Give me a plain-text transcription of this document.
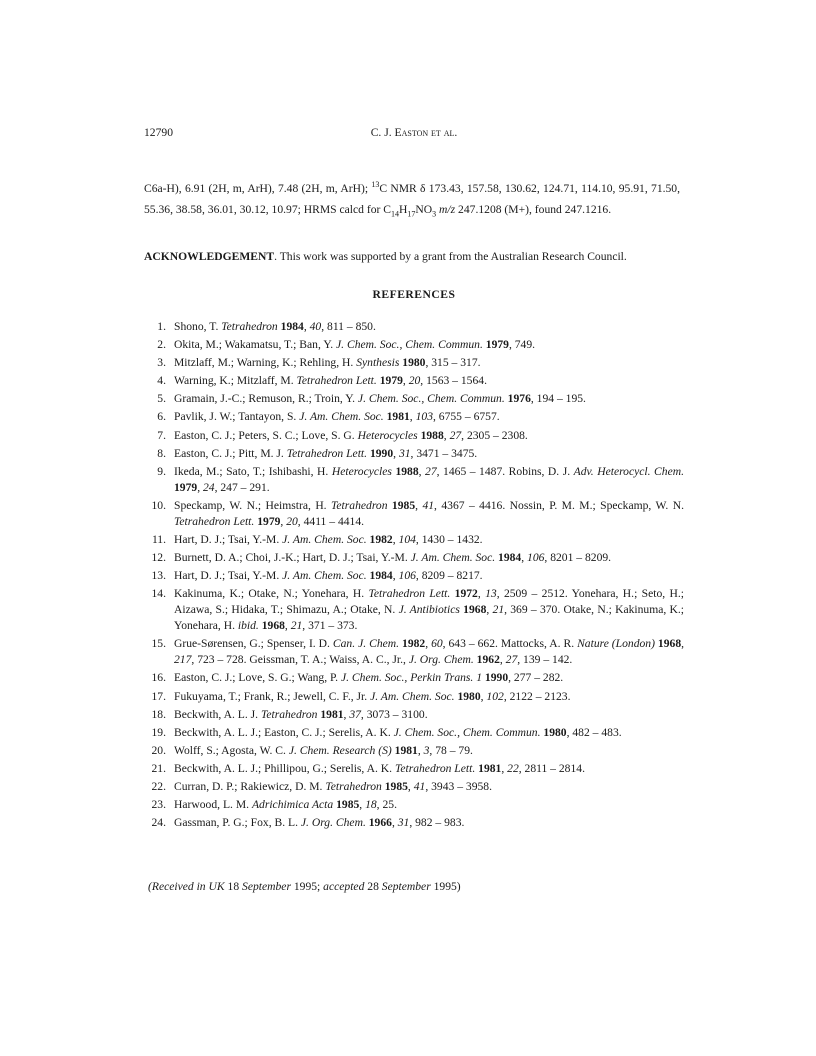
12790	C. J. Easton et al.

C6a-H), 6.91 (2H, m, ArH), 7.48 (2H, m, ArH); $^{13}$C NMR δ 173.43, 157.58, 130.62, 124.71, 114.10, 95.91, 71.50, 55.36, 38.58, 36.01, 30.12, 10.97; HRMS calcd for $C_{14}H_{17}NO_3$ m/z 247.1208 (M+), found 247.1216.

ACKNOWLEDGEMENT. This work was supported by a grant from the Australian Research Council.
REFERENCES
1. Shono, T. Tetrahedron 1984, 40, 811 – 850.
2. Okita, M.; Wakamatsu, T.; Ban, Y. J. Chem. Soc., Chem. Commun. 1979, 749.
3. Mitzlaff, M.; Warning, K.; Rehling, H. Synthesis 1980, 315 – 317.
4. Warning, K.; Mitzlaff, M. Tetrahedron Lett. 1979, 20, 1563 – 1564.
5. Gramain, J.-C.; Remuson, R.; Troin, Y. J. Chem. Soc., Chem. Commun. 1976, 194 – 195.
6. Pavlik, J. W.; Tantayon, S. J. Am. Chem. Soc. 1981, 103, 6755 – 6757.
7. Easton, C. J.; Peters, S. C.; Love, S. G. Heterocycles 1988, 27, 2305 – 2308.
8. Easton, C. J.; Pitt, M. J. Tetrahedron Lett. 1990, 31, 3471 – 3475.
9. Ikeda, M.; Sato, T.; Ishibashi, H. Heterocycles 1988, 27, 1465 – 1487. Robins, D. J. Adv. Heterocycl. Chem. 1979, 24, 247 – 291.
10. Speckamp, W. N.; Heimstra, H. Tetrahedron 1985, 41, 4367 – 4416. Nossin, P. M. M.; Speckamp, W. N. Tetrahedron Lett. 1979, 20, 4411 – 4414.
11. Hart, D. J.; Tsai, Y.-M. J. Am. Chem. Soc. 1982, 104, 1430 – 1432.
12. Burnett, D. A.; Choi, J.-K.; Hart, D. J.; Tsai, Y.-M. J. Am. Chem. Soc. 1984, 106, 8201 – 8209.
13. Hart, D. J.; Tsai, Y.-M. J. Am. Chem. Soc. 1984, 106, 8209 – 8217.
14. Kakinuma, K.; Otake, N.; Yonehara, H. Tetrahedron Lett. 1972, 13, 2509 – 2512. Yonehara, H.; Seto, H.; Aizawa, S.; Hidaka, T.; Shimazu, A.; Otake, N. J. Antibiotics 1968, 21, 369 – 370. Otake, N.; Kakinuma, K.; Yonehara, H. ibid. 1968, 21, 371 – 373.
15. Grue-Sørensen, G.; Spenser, I. D. Can. J. Chem. 1982, 60, 643 – 662. Mattocks, A. R. Nature (London) 1968, 217, 723 – 728. Geissman, T. A.; Waiss, A. C., Jr., J. Org. Chem. 1962, 27, 139 – 142.
16. Easton, C. J.; Love, S. G.; Wang, P. J. Chem. Soc., Perkin Trans. 1 1990, 277 – 282.
17. Fukuyama, T.; Frank, R.; Jewell, C. F., Jr. J. Am. Chem. Soc. 1980, 102, 2122 – 2123.
18. Beckwith, A. L. J. Tetrahedron 1981, 37, 3073 – 3100.
19. Beckwith, A. L. J.; Easton, C. J.; Serelis, A. K. J. Chem. Soc., Chem. Commun. 1980, 482 – 483.
20. Wolff, S.; Agosta, W. C. J. Chem. Research (S) 1981, 3, 78 – 79.
21. Beckwith, A. L. J.; Phillipou, G.; Serelis, A. K. Tetrahedron Lett. 1981, 22, 2811 – 2814.
22. Curran, D. P.; Rakiewicz, D. M. Tetrahedron 1985, 41, 3943 – 3958.
23. Harwood, L. M. Adrichimica Acta 1985, 18, 25.
24. Gassman, P. G.; Fox, B. L. J. Org. Chem. 1966, 31, 982 – 983.
(Received in UK 18 September 1995; accepted 28 September 1995)
